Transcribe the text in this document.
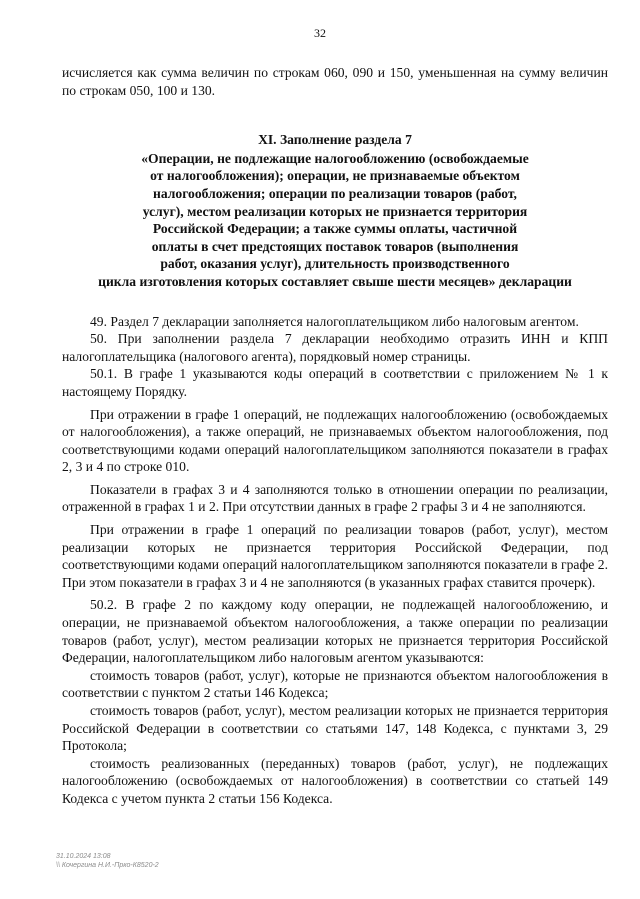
32

исчисляется как сумма величин по строкам 060, 090 и 150, уменьшенная на сумму величин по строкам 050, 100 и 130.

XI. Заполнение раздела 7
«Операции, не подлежащие налогообложению (освобождаемые
от налогообложения); операции, не признаваемые объектом
налогообложения; операции по реализации товаров (работ,
услуг), местом реализации которых не признается территория
Российской Федерации; а также суммы оплаты, частичной
оплаты в счет предстоящих поставок товаров (выполнения
работ, оказания услуг), длительность производственного
цикла изготовления которых составляет свыше шести месяцев» декларации

49. Раздел 7 декларации заполняется налогоплательщиком либо налоговым агентом.

50. При заполнении раздела 7 декларации необходимо отразить ИНН и КПП налогоплательщика (налогового агента), порядковый номер страницы.

50.1. В графе 1 указываются коды операций в соответствии с приложением № 1 к настоящему Порядку.

При отражении в графе 1 операций, не подлежащих налогообложению (освобождаемых от налогообложения), а также операций, не признаваемых объектом налогообложения, под соответствующими кодами операций налогоплательщиком заполняются показатели в графах 2, 3 и 4 по строке 010.

Показатели в графах 3 и 4 заполняются только в отношении операции по реализации, отраженной в графах 1 и 2. При отсутствии данных в графе 2 графы 3 и 4 не заполняются.

При отражении в графе 1 операций по реализации товаров (работ, услуг), местом реализации которых не признается территория Российской Федерации, под соответствующими кодами операций налогоплательщиком заполняются показатели в графе 2. При этом показатели в графах 3 и 4 не заполняются (в указанных графах ставится прочерк).

50.2. В графе 2 по каждому коду операции, не подлежащей налогообложению, и операции, не признаваемой объектом налогообложения, а также операции по реализации товаров (работ, услуг), местом реализации которых не признается территория Российской Федерации, налогоплательщиком либо налоговым агентом указываются:

стоимость товаров (работ, услуг), которые не признаются объектом налогообложения в соответствии с пунктом 2 статьи 146 Кодекса;

стоимость товаров (работ, услуг), местом реализации которых не признается территория Российской Федерации в соответствии со статьями 147, 148 Кодекса, с пунктами 3, 29 Протокола;

стоимость реализованных (переданных) товаров (работ, услуг), не подлежащих налогообложению (освобождаемых от налогообложения) в соответствии со статьей 149 Кодекса с учетом пункта 2 статьи 156 Кодекса.

31.10.2024 13:08
\\ Кочергина Н.И.-Прко-К8520-2
